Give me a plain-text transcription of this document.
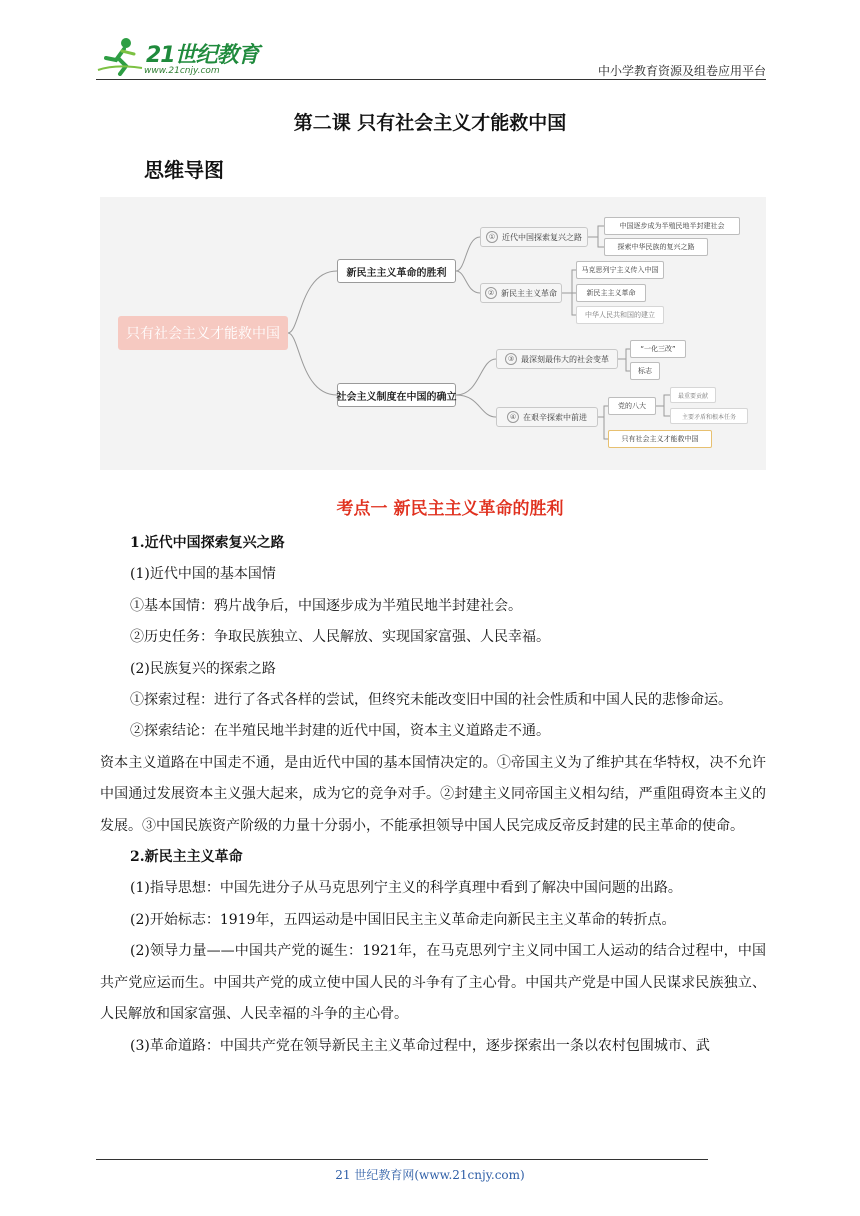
21世纪教育
www.21cnjy.com	中小学教育资源及组卷应用平台
第二课 只有社会主义才能救中国
思维导图
只有社会主义才能救中国
新民主主义革命的胜利
社会主义制度在中国的确立
① 近代中国探索复兴之路
② 新民主主义革命
③ 最深刻最伟大的社会变革
④ 在艰辛探索中前进
中国逐步成为半殖民地半封建社会
探索中华民族的复兴之路
马克思列宁主义传入中国
新民主主义革命
中华人民共和国的建立
“一化三改”
标志
党的八大
只有社会主义才能救中国
最重要贡献
主要矛盾和根本任务
考点一 新民主主义革命的胜利

1.近代中国探索复兴之路

(1)近代中国的基本国情

①基本国情：鸦片战争后，中国逐步成为半殖民地半封建社会。

②历史任务：争取民族独立、人民解放、实现国家富强、人民幸福。

(2)民族复兴的探索之路

①探索过程：进行了各式各样的尝试，但终究未能改变旧中国的社会性质和中国人民的悲惨命运。

②探索结论：在半殖民地半封建的近代中国，资本主义道路走不通。

资本主义道路在中国走不通，是由近代中国的基本国情决定的。①帝国主义为了维护其在华特权，决不允许中国通过发展资本主义强大起来，成为它的竞争对手。②封建主义同帝国主义相勾结，严重阻碍资本主义的发展。③中国民族资产阶级的力量十分弱小，不能承担领导中国人民完成反帝反封建的民主革命的使命。

2.新民主主义革命

(1)指导思想：中国先进分子从马克思列宁主义的科学真理中看到了解决中国问题的出路。

(2)开始标志：1919年，五四运动是中国旧民主主义革命走向新民主主义革命的转折点。

(2)领导力量——中国共产党的诞生：1921年，在马克思列宁主义同中国工人运动的结合过程中，中国共产党应运而生。中国共产党的成立使中国人民的斗争有了主心骨。中国共产党是中国人民谋求民族独立、人民解放和国家富强、人民幸福的斗争的主心骨。

(3)革命道路：中国共产党在领导新民主主义革命过程中，逐步探索出一条以农村包围城市、武

21 世纪教育网(www.21cnjy.com)
